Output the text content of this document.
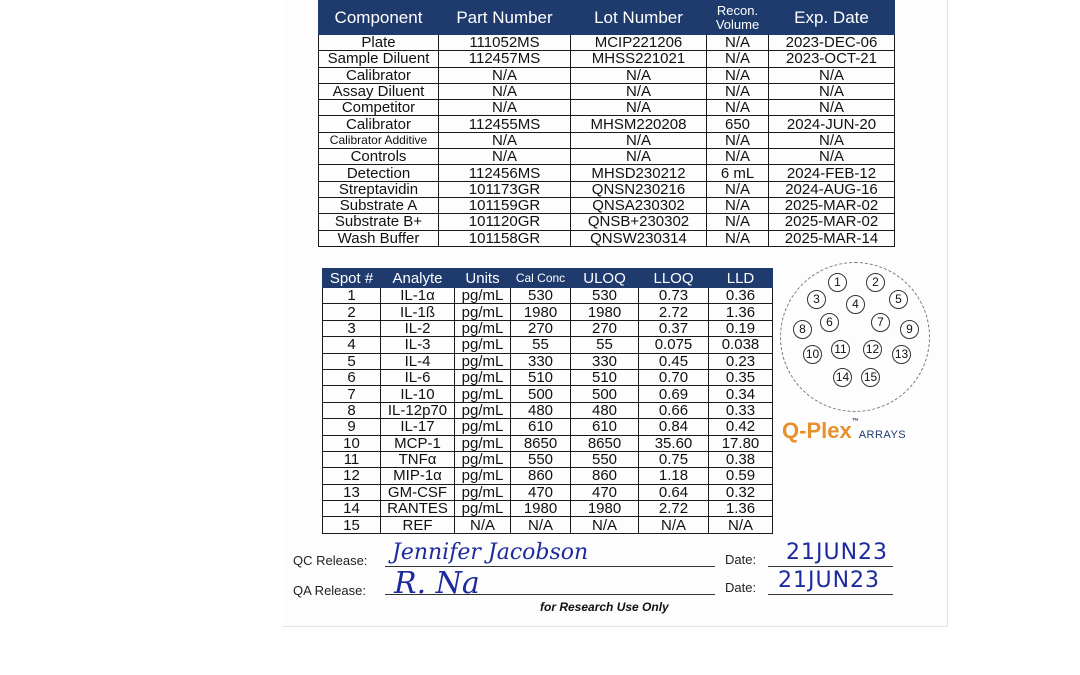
Component	Part Number	Lot Number	Recon. Volume	Exp. Date
Plate	111052MS	MCIP221206	N/A	2023-DEC-06
Sample Diluent	112457MS	MHSS221021	N/A	2023-OCT-21
Calibrator	N/A	N/A	N/A	N/A
Assay Diluent	N/A	N/A	N/A	N/A
Competitor	N/A	N/A	N/A	N/A
Calibrator	112455MS	MHSM220208	650	2024-JUN-20
Calibrator Additive	N/A	N/A	N/A	N/A
Controls	N/A	N/A	N/A	N/A
Detection	112456MS	MHSD230212	6 mL	2024-FEB-12
Streptavidin	101173GR	QNSN230216	N/A	2024-AUG-16
Substrate A	101159GR	QNSA230302	N/A	2025-MAR-02
Substrate B+	101120GR	QNSB+230302	N/A	2025-MAR-02
Wash Buffer	101158GR	QNSW230314	N/A	2025-MAR-14
Spot #	Analyte	Units	Cal Conc	ULOQ	LLOQ	LLD
1	IL-1α	pg/mL	530	530	0.73	0.36
2	IL-1ß	pg/mL	1980	1980	2.72	1.36
3	IL-2	pg/mL	270	270	0.37	0.19
4	IL-3	pg/mL	55	55	0.075	0.038
5	IL-4	pg/mL	330	330	0.45	0.23
6	IL-6	pg/mL	510	510	0.70	0.35
7	IL-10	pg/mL	500	500	0.69	0.34
8	IL-12p70	pg/mL	480	480	0.66	0.33
9	IL-17	pg/mL	610	610	0.84	0.42
10	MCP-1	pg/mL	8650	8650	35.60	17.80
11	TNFα	pg/mL	550	550	0.75	0.38
12	MIP-1α	pg/mL	860	860	1.18	0.59
13	GM-CSF	pg/mL	470	470	0.64	0.32
14	RANTES	pg/mL	1980	1980	2.72	1.36
15	REF	N/A	N/A	N/A	N/A	N/A
1	2
3	4	5
6	7
8	9
10 11 12 13
14 15
Q-Plex™ARRAYS
QC Release: Jennifer Jacobson	Date: 21JUN23
QA Release: R. Na	Date: 21JUN23
for Research Use Only
